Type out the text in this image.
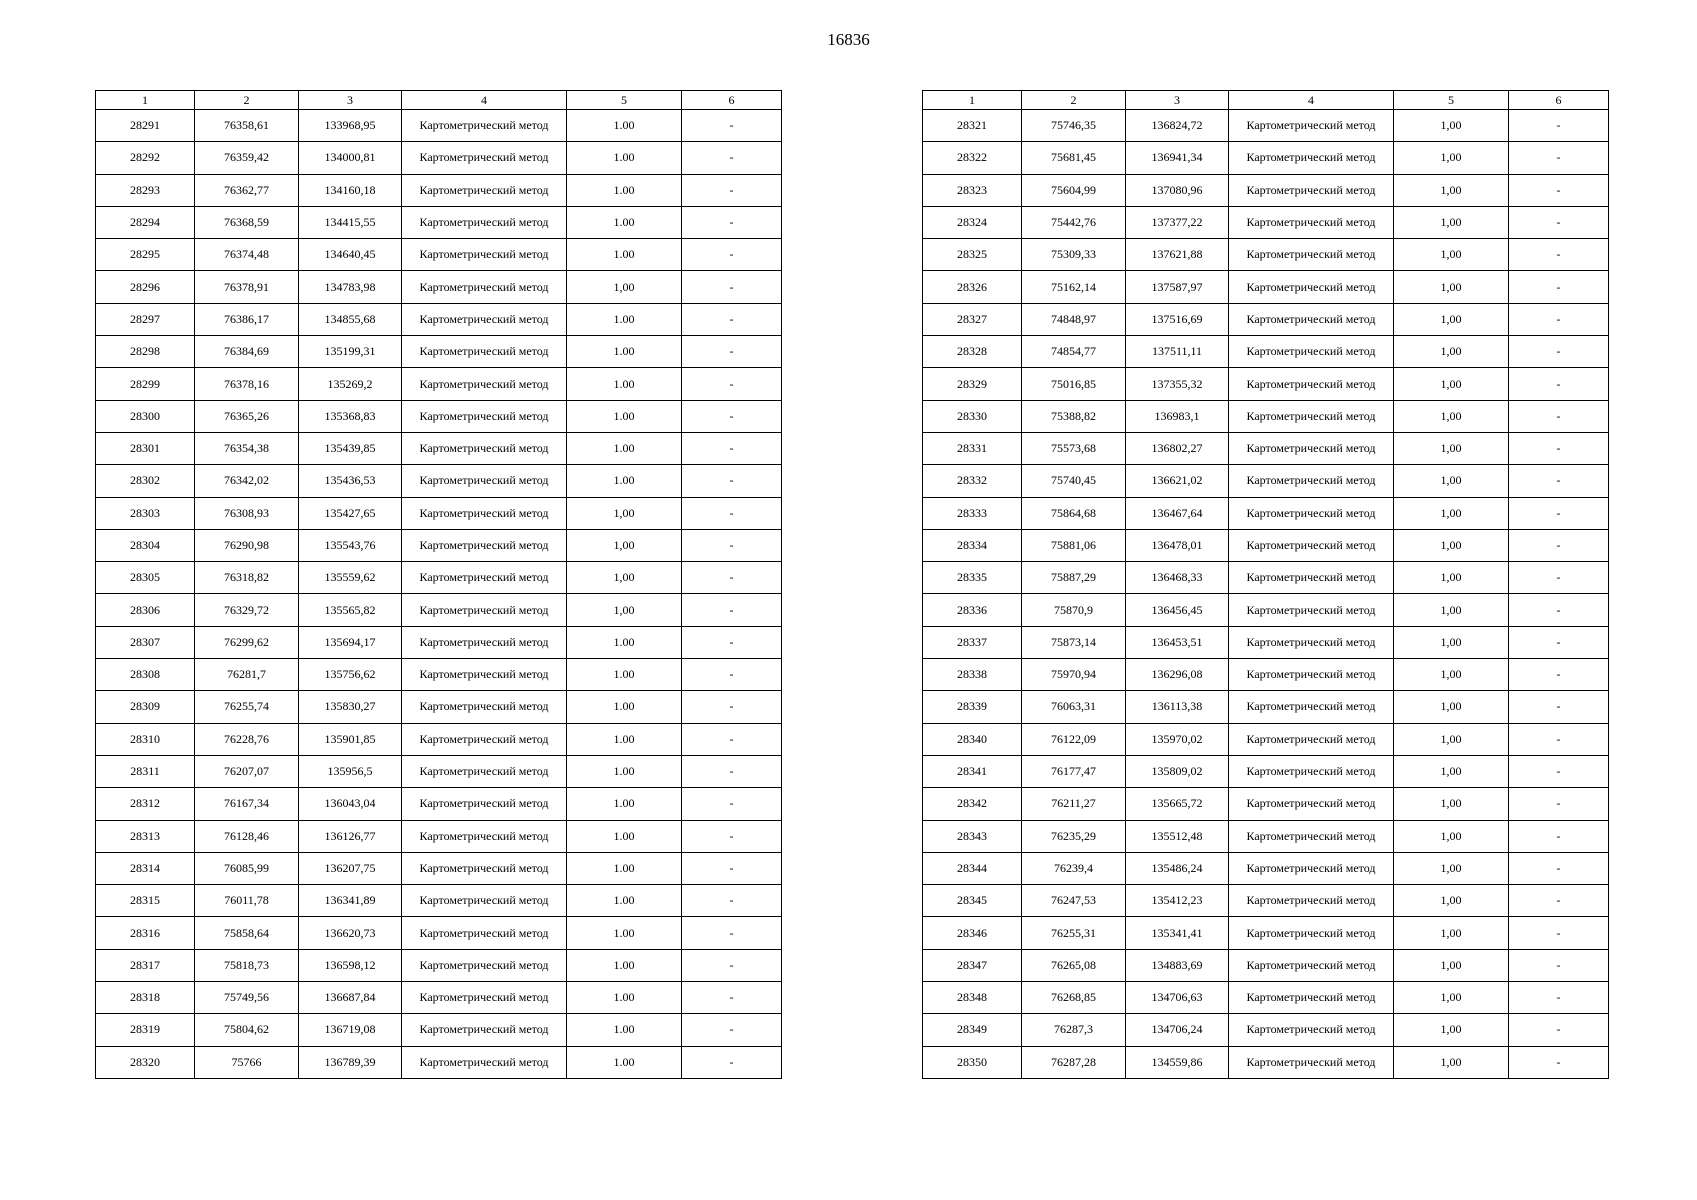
16836
1	2	3	4	5	6
28291	76358,61	133968,95	Картометрический метод	1.00	-
28292	76359,42	134000,81	Картометрический метод	1.00	-
28293	76362,77	134160,18	Картометрический метод	1.00	-
28294	76368,59	134415,55	Картометрический метод	1.00	-
28295	76374,48	134640,45	Картометрический метод	1.00	-
28296	76378,91	134783,98	Картометрический метод	1,00	-
28297	76386,17	134855,68	Картометрический метод	1.00	-
28298	76384,69	135199,31	Картометрический метод	1.00	-
28299	76378,16	135269,2	Картометрический метод	1.00	-
28300	76365,26	135368,83	Картометрический метод	1.00	-
28301	76354,38	135439,85	Картометрический метод	1.00	-
28302	76342,02	135436,53	Картометрический метод	1.00	-
28303	76308,93	135427,65	Картометрический метод	1,00	-
28304	76290,98	135543,76	Картометрический метод	1,00	-
28305	76318,82	135559,62	Картометрический метод	1,00	-
28306	76329,72	135565,82	Картометрический метод	1,00	-
28307	76299,62	135694,17	Картометрический метод	1.00	-
28308	76281,7	135756,62	Картометрический метод	1.00	-
28309	76255,74	135830,27	Картометрический метод	1.00	-
28310	76228,76	135901,85	Картометрический метод	1.00	-
28311	76207,07	135956,5	Картометрический метод	1.00	-
28312	76167,34	136043,04	Картометрический метод	1.00	-
28313	76128,46	136126,77	Картометрический метод	1.00	-
28314	76085,99	136207,75	Картометрический метод	1.00	-
28315	76011,78	136341,89	Картометрический метод	1.00	-
28316	75858,64	136620,73	Картометрический метод	1.00	-
28317	75818,73	136598,12	Картометрический метод	1.00	-
28318	75749,56	136687,84	Картометрический метод	1.00	-
28319	75804,62	136719,08	Картометрический метод	1.00	-
28320	75766	136789,39	Картометрический метод	1.00	-
1	2	3	4	5	6
28321	75746,35	136824,72	Картометрический метод	1,00	-
28322	75681,45	136941,34	Картометрический метод	1,00	-
28323	75604,99	137080,96	Картометрический метод	1,00	-
28324	75442,76	137377,22	Картометрический метод	1,00	-
28325	75309,33	137621,88	Картометрический метод	1,00	-
28326	75162,14	137587,97	Картометрический метод	1,00	-
28327	74848,97	137516,69	Картометрический метод	1,00	-
28328	74854,77	137511,11	Картометрический метод	1,00	-
28329	75016,85	137355,32	Картометрический метод	1,00	-
28330	75388,82	136983,1	Картометрический метод	1,00	-
28331	75573,68	136802,27	Картометрический метод	1,00	-
28332	75740,45	136621,02	Картометрический метод	1,00	-
28333	75864,68	136467,64	Картометрический метод	1,00	-
28334	75881,06	136478,01	Картометрический метод	1,00	-
28335	75887,29	136468,33	Картометрический метод	1,00	-
28336	75870,9	136456,45	Картометрический метод	1,00	-
28337	75873,14	136453,51	Картометрический метод	1,00	-
28338	75970,94	136296,08	Картометрический метод	1,00	-
28339	76063,31	136113,38	Картометрический метод	1,00	-
28340	76122,09	135970,02	Картометрический метод	1,00	-
28341	76177,47	135809,02	Картометрический метод	1,00	-
28342	76211,27	135665,72	Картометрический метод	1,00	-
28343	76235,29	135512,48	Картометрический метод	1,00	-
28344	76239,4	135486,24	Картометрический метод	1,00	-
28345	76247,53	135412,23	Картометрический метод	1,00	-
28346	76255,31	135341,41	Картометрический метод	1,00	-
28347	76265,08	134883,69	Картометрический метод	1,00	-
28348	76268,85	134706,63	Картометрический метод	1,00	-
28349	76287,3	134706,24	Картометрический метод	1,00	-
28350	76287,28	134559,86	Картометрический метод	1,00	-
